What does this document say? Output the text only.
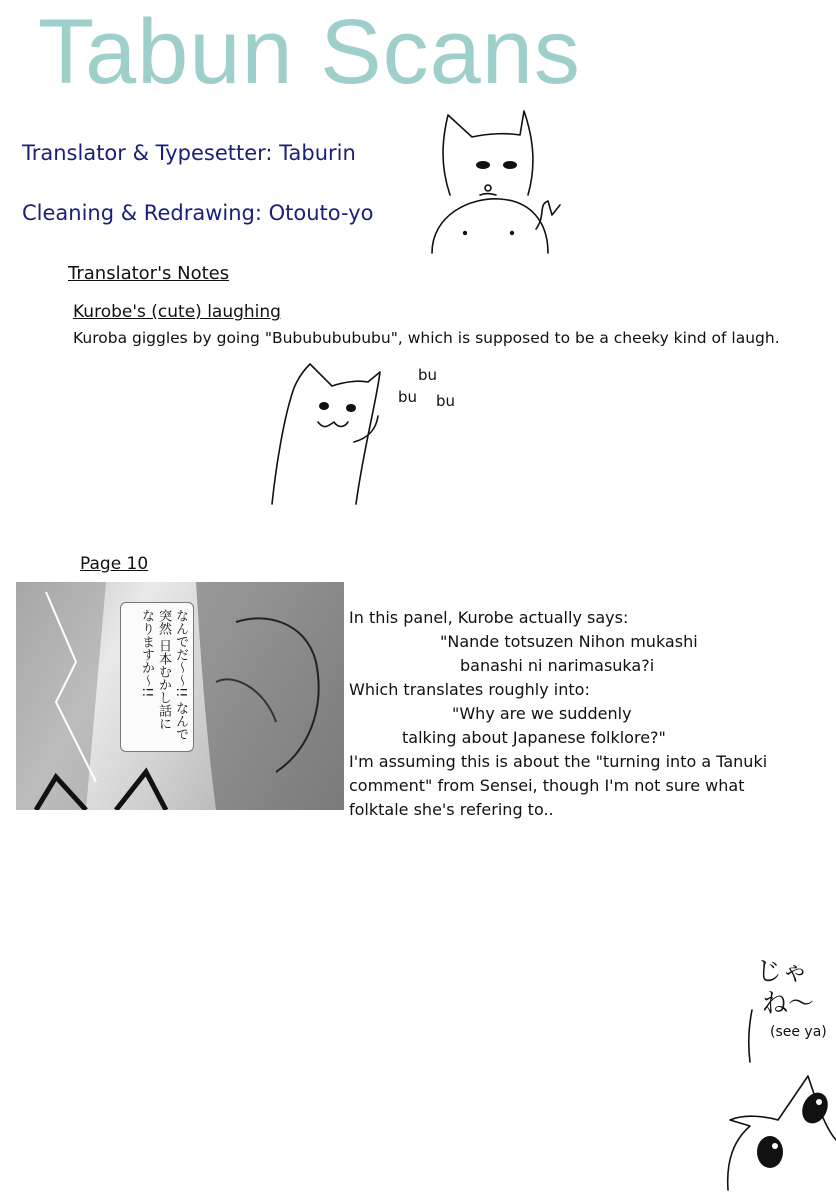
Tabun Scans
Translator & Typesetter: Taburin
Cleaning & Redrawing: Otouto-yo
Translator's Notes
Kurobe's (cute) laughing
Kuroba giggles by going "Bubububububu", which is supposed to be a cheeky kind of laugh.
bu
bu bu
Page 10
なんでだ〜〜!! なんで突然 日本むかし話に なりますか〜!!	In this panel, Kurobe actually says:
"Nande totsuzen Nihon mukashi
banashi ni narimasuka?i
Which translates roughly into:
"Why are we suddenly
talking about Japanese folklore?"
I'm assuming this is about the "turning into a Tanuki
comment" from Sensei, though I'm not sure what
folktale she's refering to..
じゃ
ね〜
(see ya)
